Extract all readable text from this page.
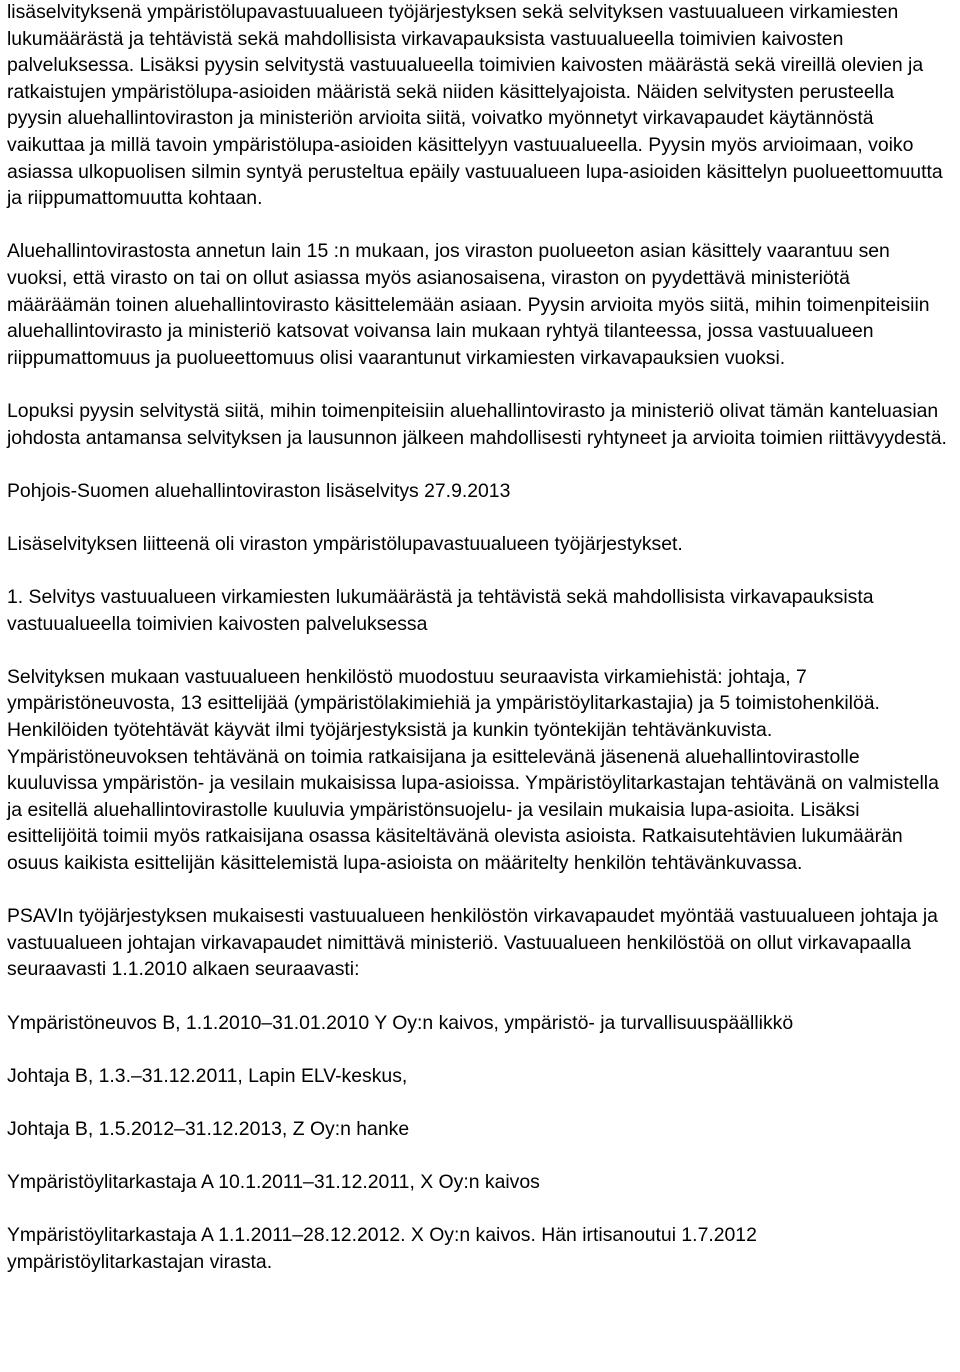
lisäselvityksenä ympäristölupavastuualueen työjärjestyksen sekä selvityksen vastuualueen virkamiesten lukumäärästä ja tehtävistä sekä mahdollisista virkavapauksista vastuualueella toimivien kaivosten palveluksessa. Lisäksi pyysin selvitystä vastuualueella toimivien kaivosten määrästä sekä vireillä olevien ja ratkaistujen ympäristölupa-asioiden määristä sekä niiden käsittelyajoista. Näiden selvitysten perusteella pyysin aluehallintoviraston ja ministeriön arvioita siitä, voivatko myönnetyt virkavapaudet käytännöstä vaikuttaa ja millä tavoin ympäristölupa-asioiden käsittelyyn vastuualueella. Pyysin myös arvioimaan, voiko asiassa ulkopuolisen silmin syntyä perusteltua epäily vastuualueen lupa-asioiden käsittelyn puolueettomuutta ja riippumattomuutta kohtaan.

Aluehallintovirastosta annetun lain 15 :n mukaan, jos viraston puolueeton asian käsittely vaarantuu sen vuoksi, että virasto on tai on ollut asiassa myös asianosaisena, viraston on pyydettävä ministeriötä määräämän toinen aluehallintovirasto käsittelemään asiaan. Pyysin arvioita myös siitä, mihin toimenpiteisiin aluehallintovirasto ja ministeriö katsovat voivansa lain mukaan ryhtyä tilanteessa, jossa vastuualueen riippumattomuus ja puolueettomuus olisi vaarantunut virkamiesten virkavapauksien vuoksi.

Lopuksi pyysin selvitystä siitä, mihin toimenpiteisiin aluehallintovirasto ja ministeriö olivat tämän kanteluasian johdosta antamansa selvityksen ja lausunnon jälkeen mahdollisesti ryhtyneet ja arvioita toimien riittävyydestä.

Pohjois-Suomen aluehallintoviraston lisäselvitys 27.9.2013

Lisäselvityksen liitteenä oli viraston ympäristölupavastuualueen työjärjestykset.

1. Selvitys vastuualueen virkamiesten lukumäärästä ja tehtävistä sekä mahdollisista virkavapauksista vastuualueella toimivien kaivosten palveluksessa

Selvityksen mukaan vastuualueen henkilöstö muodostuu seuraavista virkamiehistä: johtaja, 7 ympäristöneuvosta, 13 esittelijää (ympäristölakimiehiä ja ympäristöylitarkastajia) ja 5 toimistohenkilöä. Henkilöiden työtehtävät käyvät ilmi työjärjestyksistä ja kunkin työntekijän tehtävänkuvista. Ympäristöneuvoksen tehtävänä on toimia ratkaisijana ja esittelevänä jäsenenä aluehallintovirastolle kuuluvissa ympäristön- ja vesilain mukaisissa lupa-asioissa. Ympäristöylitarkastajan tehtävänä on valmistella ja esitellä aluehallintovirastolle kuuluvia ympäristönsuojelu- ja vesilain mukaisia lupa-asioita. Lisäksi esittelijöitä toimii myös ratkaisijana osassa käsiteltävänä olevista asioista. Ratkaisutehtävien lukumäärän osuus kaikista esittelijän käsittelemistä lupa-asioista on määritelty henkilön tehtävänkuvassa.

PSAVIn työjärjestyksen mukaisesti vastuualueen henkilöstön virkavapaudet myöntää vastuualueen johtaja ja vastuualueen johtajan virkavapaudet nimittävä ministeriö. Vastuualueen henkilöstöä on ollut virkavapaalla seuraavasti 1.1.2010 alkaen seuraavasti:

Ympäristöneuvos B, 1.1.2010–31.01.2010 Y Oy:n kaivos, ympäristö- ja turvallisuuspäällikkö

Johtaja B, 1.3.–31.12.2011, Lapin ELV-keskus,

Johtaja B, 1.5.2012–31.12.2013, Z Oy:n hanke

Ympäristöylitarkastaja A 10.1.2011–31.12.2011, X Oy:n kaivos

Ympäristöylitarkastaja A 1.1.2011–28.12.2012. X Oy:n kaivos. Hän irtisanoutui 1.7.2012 ympäristöylitarkastajan virasta.
